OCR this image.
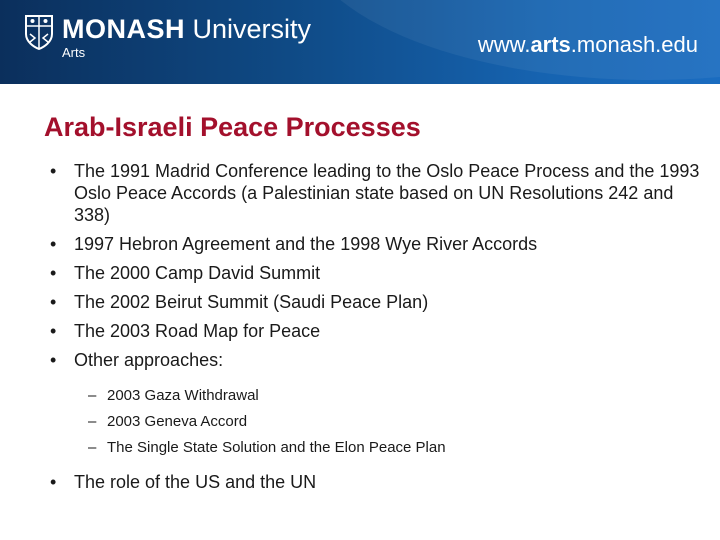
MONASH University
Arts	www.arts.monash.edu
Arab-Israeli Peace Processes
• The 1991 Madrid Conference leading to the Oslo Peace Process and the 1993 Oslo Peace Accords (a Palestinian state based on UN Resolutions 242 and 338)
• 1997 Hebron Agreement and the 1998 Wye River Accords
• The 2000 Camp David Summit
• The 2002 Beirut Summit (Saudi Peace Plan)
• The 2003 Road Map for Peace
• Other approaches:
– 2003 Gaza Withdrawal
– 2003 Geneva Accord
– The Single State Solution and the Elon Peace Plan
• The role of the US and the UN
